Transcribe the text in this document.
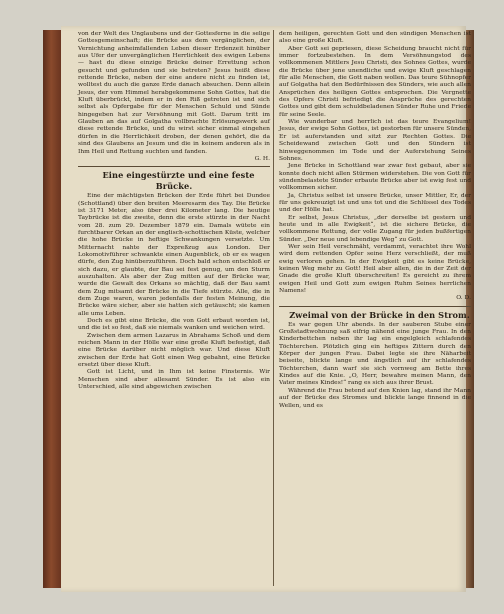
von der Welt des Unglaubens und der Gottesferne in die selige Gottesgemeinschaft; die Brücke aus dem vergänglichen, der Vernichtung anheimfallenden Leben dieser Erdenzeit hinüber aus Ufer der unvergänglichen Herrlichkeit des ewigen Lebens — hast du diese einzige Brücke deiner Errettung schon gesucht und gefunden und sie betreten? Jesus heißt diese rettende Brücke, neben der eine andere nicht zu finden ist, wolltest du auch die ganze Erde danach absuchen. Denn allein Jesus, der vom Himmel herabgekommene Sohn Gottes, hat die Kluft überbrückt, indem er in den Riß getreten ist und sich selbst als Opfergabe für der Menschen Schuld und Sünde hingegeben hat zur Versöhnung mit Gott. Darum tritt im Glauben an das auf Golgatha vollbrachte Erlösungswerk auf diese rettende Brücke, und du wirst sicher einmal eingehen dürfen in die Herrlichkeit droben, der denen gehört, die da sind des Glaubens an Jesum und die in keinem anderen als in Ihm Heil und Rettung suchten und fanden.

G. H.

Eine eingestürzte und eine feste Brücke.

Eine der mächtigsten Brücken der Erde führt bei Dundee (Schottland) über den breiten Meeresarm des Tay. Die Brücke ist 3171 Meter, also über drei Kilometer lang. Die heutige Taybrücke ist die zweite, denn die erste stürzte in der Nacht vom 28. zum 29. Dezember 1879 ein. Damals wütete ein furchtbarer Orkan an der englisch-schottischen Küste, welcher die hohe Brücke in heftige Schwankungen versetzte. Um Mitternacht nahte der Expreßzug aus London. Der Lokomotivführer schwankte einen Augenblick, ob er es wagen dürfe, den Zug hinüberzuführen. Doch bald schon entschloß er sich dazu, er glaubte, der Bau sei fest genug, um den Sturm auszuhalten. Als aber der Zug mitten auf der Brücke war, wurde die Gewalt des Orkans so mächtig, daß der Bau samt dem Zug mitsamt der Brücke in die Tiefe stürzte. Alle, die in dem Zuge waren, waren jedenfalls der festen Meinung, die Brücke wäre sicher, aber sie hatten sich getäuscht; sie kamen alle ums Leben.

Doch es gibt eine Brücke, die von Gott erbaut worden ist, und die ist so fest, daß sie niemals wanken und weichen wird.

Zwischen dem armen Lazarus in Abrahams Schoß und dem reichen Mann in der Hölle war eine große Kluft befestigt, daß eine Brücke darüber nicht möglich war. Und diese Kluft zwischen der Erde hat Gott einen Weg gebahnt, eine Brücke ersetzt über diese Kluft.

Gott ist Licht, und in Ihm ist keine Finsternis. Wir Menschen sind aber allesamt Sünder. Es ist also ein Unterschied, alle sind abgewichen zwischen

dem heiligen, gerechten Gott und den sündigen Menschen ist also eine große Kluft.

Aber Gott sei gepriesen, diese Scheidung braucht nicht für immer fortzubestehen. In dem Versöhnungstod des vollkommenen Mittlers Jesu Christi, des Sohnes Gottes, wurde die Brücke über jene unendliche und ewige Kluft geschlagen für alle Menschen, die Gott naben wollen. Das teure Sühnopfer auf Golgatha hat den Bedürfnissen des Sünders, wie auch allen Ansprüchen des heiligen Gottes entsprochen. Die Vergnette des Opfers Christi befriedigt die Ansprüche des gerechten Gottes und gibt dem schuldbeladenen Sünder Ruhe und Friede für seine Seele.

Wie wunderbar und herrlich ist das teure Evangelium! Jesus, der ewige Sohn Gottes, ist gestorben für unsere Sünden, Er ist auferstanden und sitzt zur Rechten Gottes. Die Scheidewand zwischen Gott und den Sündern ist hinweggenommen im Tode und der Auferstehung Seines Sohnes.

Jene Brücke in Schottland war zwar fest gebaut, aber sie konnte doch nicht allen Stürmen widerstehen. Die von Gott für sündenbelastete Sünder erbaute Brücke aber ist ewig fest und vollkommen sicher.

Ja, Christus selbst ist unsere Brücke, unser Mittler, Er, der für uns gekreuzigt ist und uns tot und die Schlüssel des Todes und der Hölle hat.

Er selbst, Jesus Christus, „der derselbe ist gestern und heute und in alle Ewigkeit“, ist die sichere Brücke, die vollkommene Rettung, der volle Zugang für jeden bußfertigen Sünder. „Der neue und lebendige Weg“ zu Gott.

Wer sein Heil verschmäht, verdammt, verachtet ihre Wohl wird dem rettenden Opfer seine Herz verschließt, der muß ewig verloren gehen. In der Ewigkeit gibt es keine Brücke, keinen Weg mehr zu Gott! Heil aber allen, die in der Zeit der Gnade die große Kluft überschreiten! Es gereicht zu ihrem ewigen Heil und Gott zum ewigen Ruhm Seines herrlichen Namens!

O. D.

Zweimal von der Brücke in den Strom.

Es war gegen Uhr abends. In der sauberen Stube einer Großstadtwohnung saß eifrig nähend eine junge Frau. In den Kinderbettchen neben ihr lag ein engelgleich schlafendes Töchterchen. Plötzlich ging ein heftiges Zittern durch den Körper der jungen Frau. Dabei legte sie ihre Näharbeit beiseite, blickte lange und ängstlich auf ihr schlafendes Töchterchen, dann warf sie sich vornweg am Bette ihres Kindes auf die Knie. „O, Herr, bewahre meinen Mann, den Vater meines Kindes!“ rang es sich aus ihrer Brust.

Während die Frau betend auf den Knien lag, stand ihr Mann auf der Brücke des Stromes und blickte lange finnend in die Wellen, und es
